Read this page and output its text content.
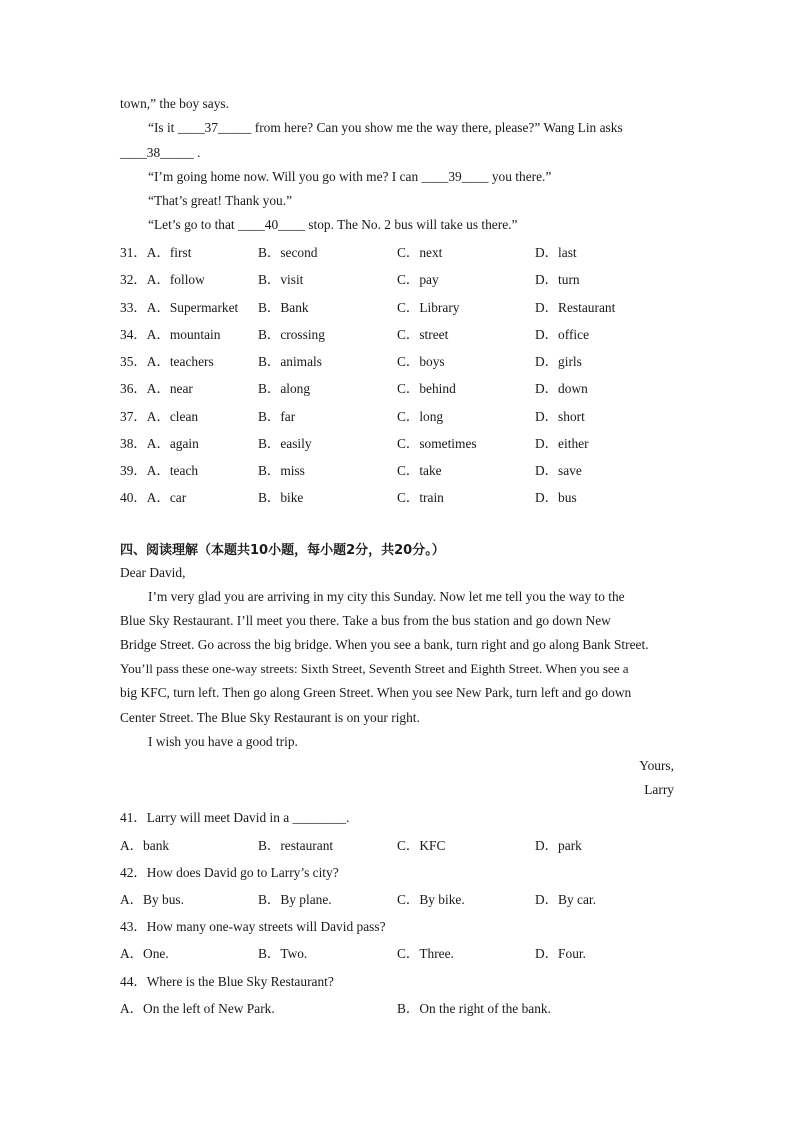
town,” the boy says.
“Is it ____37_____ from here? Can you show me the way there, please?” Wang Lin asks
____38_____ .
“I’m going home now. Will you go with me? I can ____39____ you there.”
“That’s great! Thank you.”
“Let’s go to that ____40____ stop. The No. 2 bus will take us there.”
31．A．first	B．second	C．next	D．last
32．A．follow	B．visit	C．pay	D．turn
33．A．Supermarket B．Bank	C．Library	D．Restaurant
34．A．mountain	B．crossing	C．street	D．office
35．A．teachers	B．animals	C．boys	D．girls
36．A．near	B．along	C．behind	D．down
37．A．clean	B．far	C．long	D．short
38．A．again	B．easily	C．sometimes	D．either
39．A．teach	B．miss	C．take	D．save
40．A．car	B．bike	C．train	D．bus
四、阅读理解（本题共10小题，每小题2分，共20分。）
Dear David,
I’m very glad you are arriving in my city this Sunday. Now let me tell you the way to the
Blue Sky Restaurant. I’ll meet you there. Take a bus from the bus station and go down New
Bridge Street. Go across the big bridge. When you see a bank, turn right and go along Bank Street.
You’ll pass these one-way streets: Sixth Street, Seventh Street and Eighth Street. When you see a
big KFC, turn left. Then go along Green Street. When you see New Park, turn left and go down
Center Street. The Blue Sky Restaurant is on your right.
I wish you have a good trip.
Yours,
Larry
41．Larry will meet David in a ________.
A．bank	B．restaurant	C．KFC	D．park
42．How does David go to Larry’s city?
A．By bus.	B．By plane.	C．By bike.	D．By car.
43．How many one-way streets will David pass?
A．One.	B．Two.	C．Three.	D．Four.
44．Where is the Blue Sky Restaurant?
A．On the left of New Park.	B．On the right of the bank.
